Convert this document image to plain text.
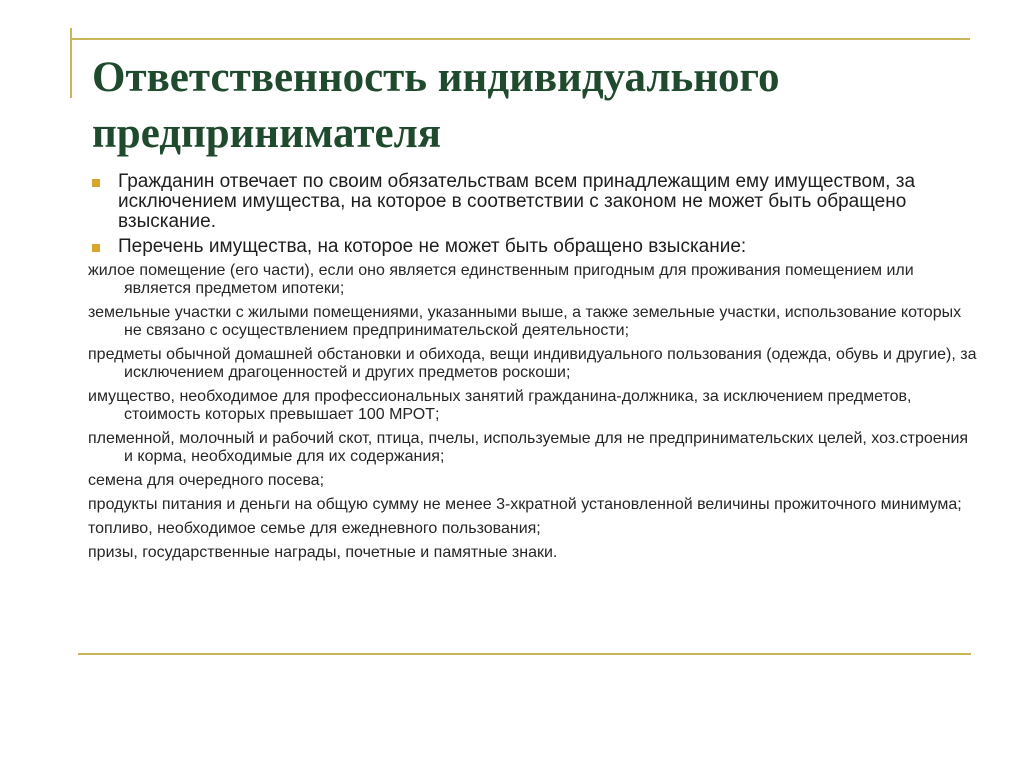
Ответственность индивидуального предпринимателя
Гражданин отвечает по своим обязательствам всем принадлежащим ему имуществом, за исключением имущества, на которое в соответствии с законом не может быть обращено взыскание.
Перечень имущества, на которое не может быть обращено взыскание:
жилое помещение (его части), если оно является единственным пригодным для проживания помещением или является предметом ипотеки;
земельные участки с жилыми помещениями, указанными выше, а также земельные участки, использование которых не связано с осуществлением предпринимательской деятельности;
предметы обычной домашней обстановки и обихода, вещи индивидуального пользования (одежда, обувь и другие), за исключением драгоценностей и других предметов роскоши;
имущество, необходимое для профессиональных занятий гражданина-должника, за исключением предметов, стоимость которых превышает 100 МРОТ;
племенной, молочный и рабочий скот, птица, пчелы, используемые для не предпринимательских целей, хоз.строения и корма, необходимые для их содержания;
семена для очередного посева;
продукты питания и деньги на общую сумму не менее 3-хкратной установленной величины прожиточного минимума;
топливо, необходимое семье для ежедневного пользования;
призы, государственные награды, почетные и памятные знаки.
